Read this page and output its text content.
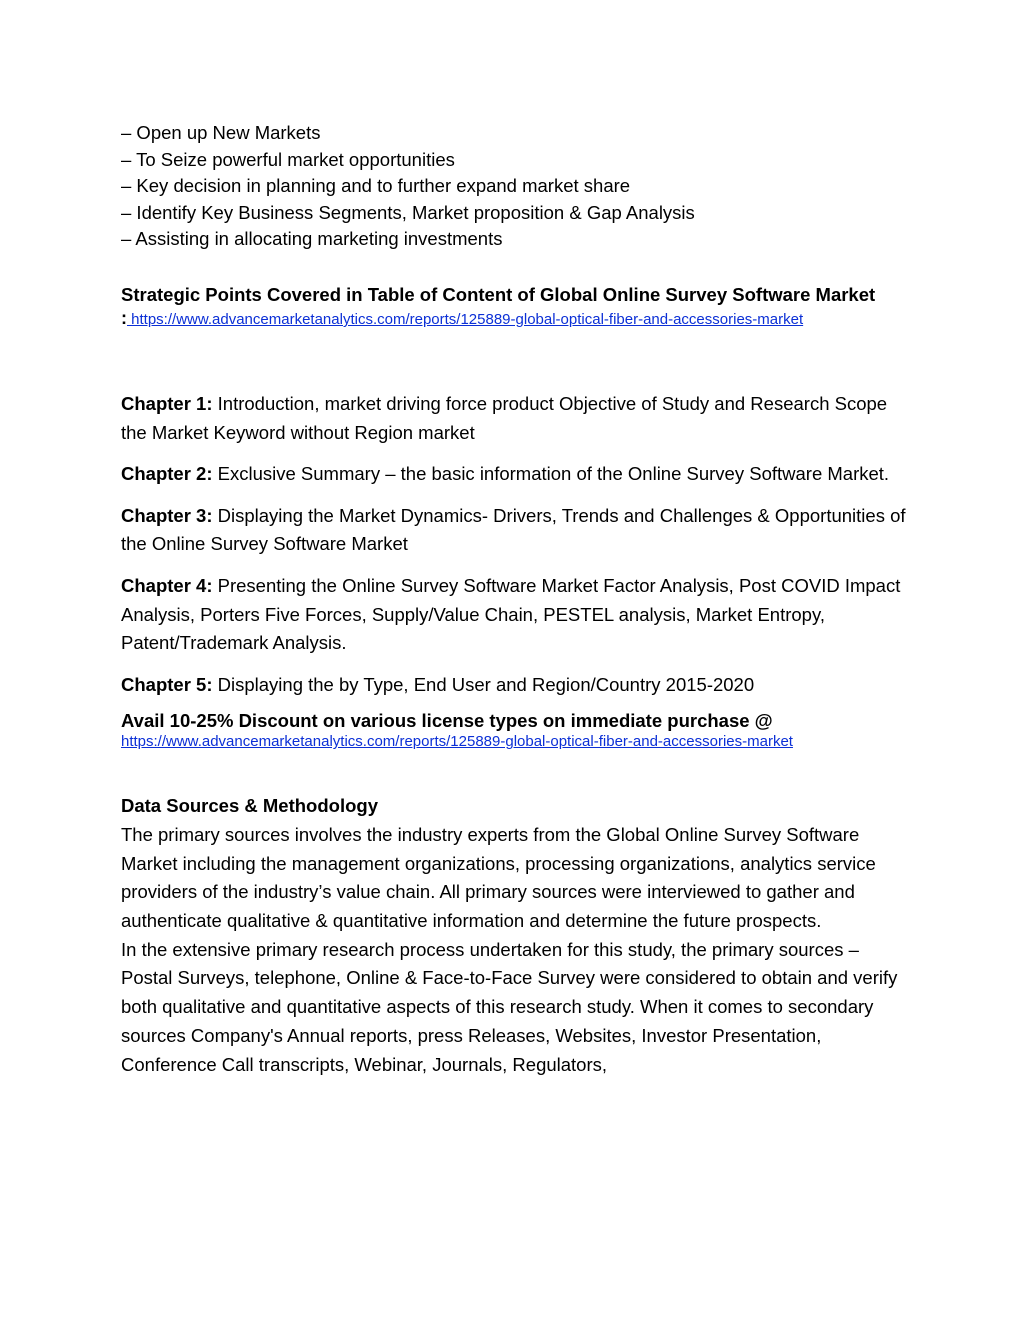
– Open up New Markets
– To Seize powerful market opportunities
– Key decision in planning and to further expand market share
– Identify Key Business Segments, Market proposition & Gap Analysis
– Assisting in allocating marketing investments
Strategic Points Covered in Table of Content of Global Online Survey Software Market
: https://www.advancemarketanalytics.com/reports/125889-global-optical-fiber-and-accessories-market
Chapter 1: Introduction, market driving force product Objective of Study and Research Scope the Market Keyword without Region market
Chapter 2: Exclusive Summary – the basic information of the Online Survey Software Market.
Chapter 3: Displaying the Market Dynamics- Drivers, Trends and Challenges & Opportunities of the Online Survey Software Market
Chapter 4: Presenting the Online Survey Software Market Factor Analysis, Post COVID Impact Analysis, Porters Five Forces, Supply/Value Chain, PESTEL analysis, Market Entropy, Patent/Trademark Analysis.
Chapter 5: Displaying the by Type, End User and Region/Country 2015-2020
Avail 10-25% Discount on various license types on immediate purchase @
https://www.advancemarketanalytics.com/reports/125889-global-optical-fiber-and-accessories-market
Data Sources & Methodology

The primary sources involves the industry experts from the Global Online Survey Software Market including the management organizations, processing organizations, analytics service providers of the industry’s value chain. All primary sources were interviewed to gather and authenticate qualitative & quantitative information and determine the future prospects.

In the extensive primary research process undertaken for this study, the primary sources – Postal Surveys, telephone, Online & Face-to-Face Survey were considered to obtain and verify both qualitative and quantitative aspects of this research study. When it comes to secondary sources Company's Annual reports, press Releases, Websites, Investor Presentation, Conference Call transcripts, Webinar, Journals, Regulators,
